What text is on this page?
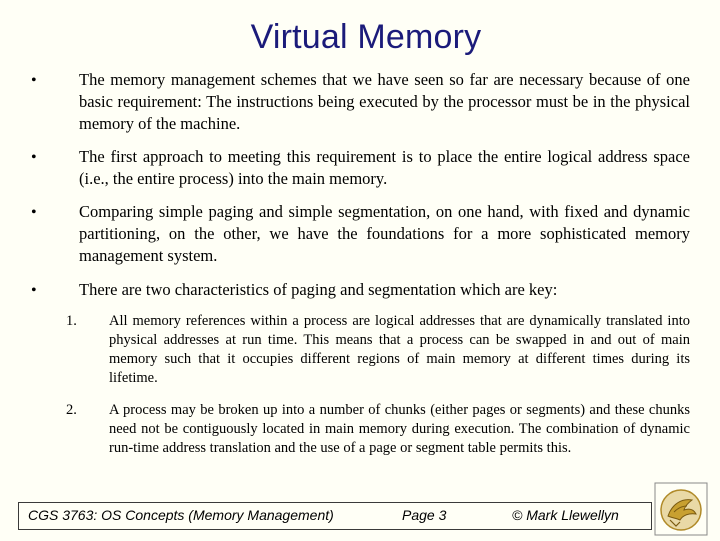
Virtual Memory
•	The memory management schemes that we have seen so far are necessary because of one basic requirement: The instructions being executed by the processor must be in the physical memory of the machine.
•	The first approach to meeting this requirement is to place the entire logical address space (i.e., the entire process) into the main memory.
•	Comparing simple paging and simple segmentation, on one hand, with fixed and dynamic partitioning, on the other, we have the foundations for a more sophisticated memory management system.
•	There are two characteristics of paging and segmentation which are key:
1. All memory references within a process are logical addresses that are dynamically translated into physical addresses at run time. This means that a process can be swapped in and out of main memory such that it occupies different regions of main memory at different times during its lifetime.
2. A process may be broken up into a number of chunks (either pages or segments) and these chunks need not be contiguously located in main memory during execution. The combination of dynamic run-time address translation and the use of a page or segment table permits this.
CGS 3763: OS Concepts (Memory Management)	Page 3	© Mark Llewellyn
